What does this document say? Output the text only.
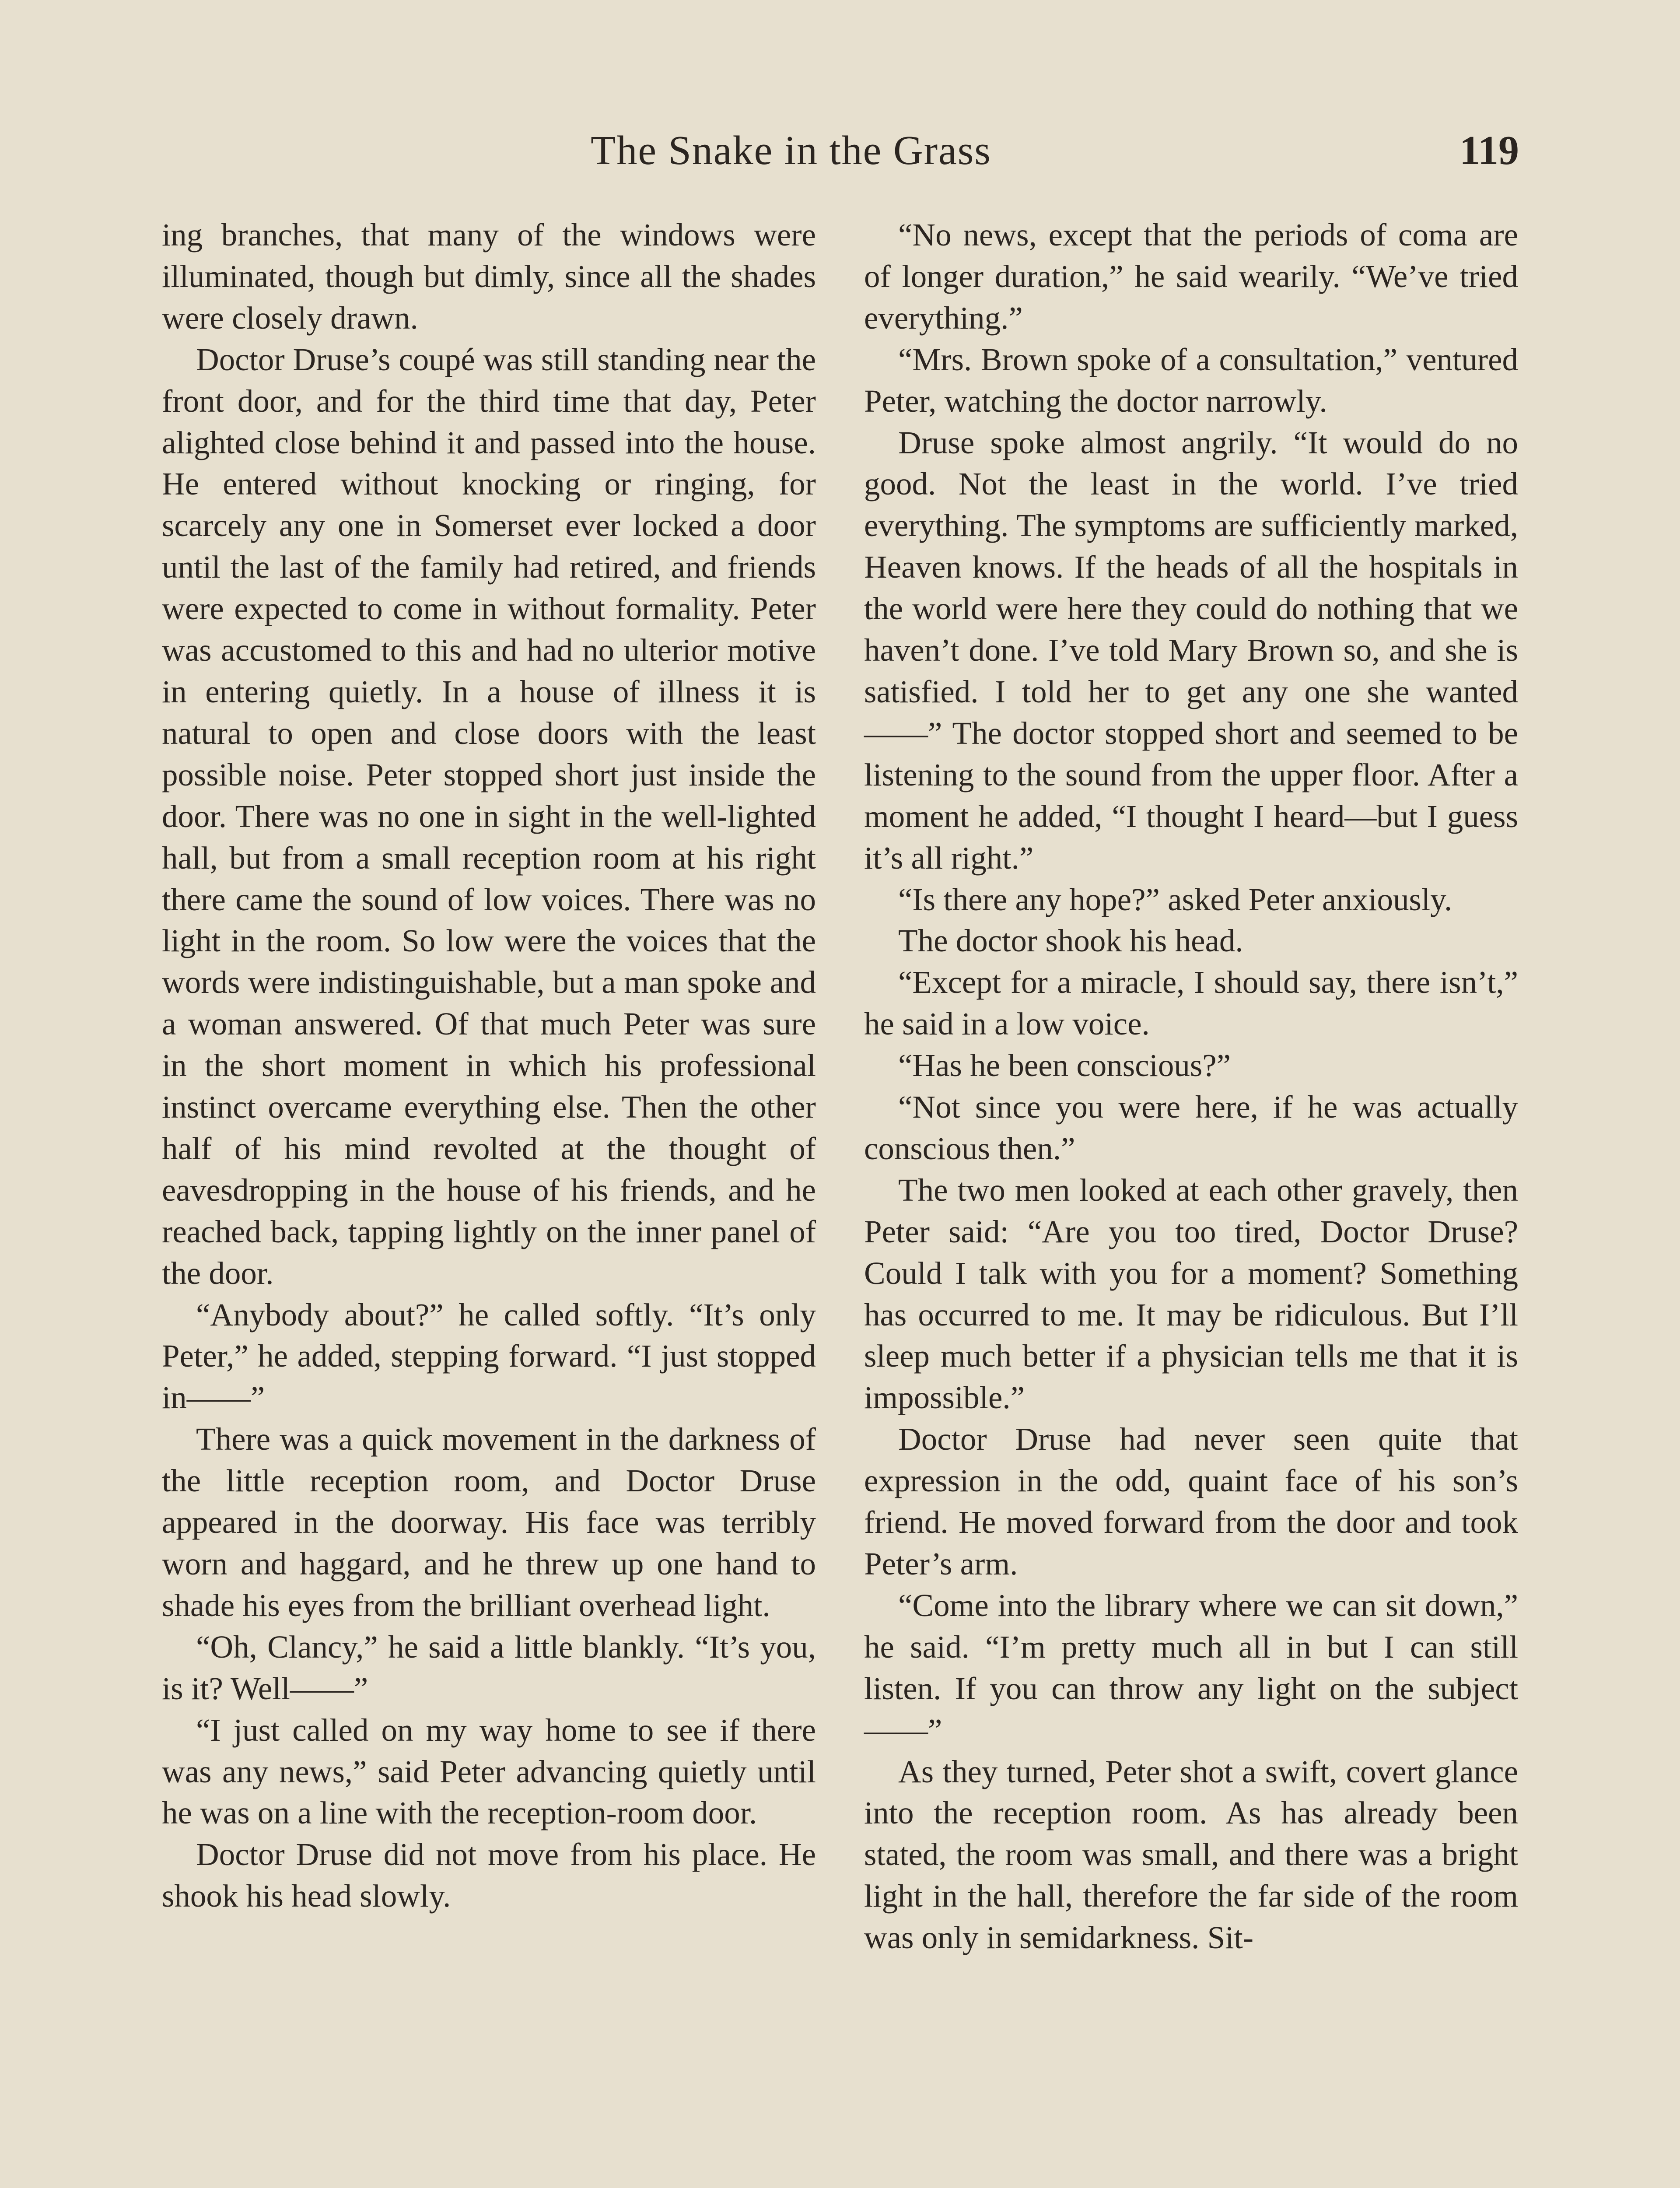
The Snake in the Grass	119

ing branches, that many of the windows were illuminated, though but dimly, since all the shades were closely drawn.

Doctor Druse’s coupé was still standing near the front door, and for the third time that day, Peter alighted close behind it and passed into the house. He entered without knocking or ringing, for scarcely any one in Somerset ever locked a door until the last of the family had retired, and friends were expected to come in without formality. Peter was accustomed to this and had no ulterior motive in entering quietly. In a house of illness it is natural to open and close doors with the least possible noise. Peter stopped short just inside the door. There was no one in sight in the well-lighted hall, but from a small reception room at his right there came the sound of low voices. There was no light in the room. So low were the voices that the words were indistinguishable, but a man spoke and a woman answered. Of that much Peter was sure in the short moment in which his professional instinct overcame everything else. Then the other half of his mind revolted at the thought of eavesdropping in the house of his friends, and he reached back, tapping lightly on the inner panel of the door.

“Anybody about?” he called softly. “It’s only Peter,” he added, stepping forward. “I just stopped in——”

There was a quick movement in the darkness of the little reception room, and Doctor Druse appeared in the doorway. His face was terribly worn and haggard, and he threw up one hand to shade his eyes from the brilliant overhead light.

“Oh, Clancy,” he said a little blankly. “It’s you, is it? Well——”

“I just called on my way home to see if there was any news,” said Peter advancing quietly until he was on a line with the reception-room door.

Doctor Druse did not move from his place. He shook his head slowly.

“No news, except that the periods of coma are of longer duration,” he said wearily. “We’ve tried everything.”

“Mrs. Brown spoke of a consultation,” ventured Peter, watching the doctor narrowly.

Druse spoke almost angrily. “It would do no good. Not the least in the world. I’ve tried everything. The symptoms are sufficiently marked, Heaven knows. If the heads of all the hospitals in the world were here they could do nothing that we haven’t done. I’ve told Mary Brown so, and she is satisfied. I told her to get any one she wanted——” The doctor stopped short and seemed to be listening to the sound from the upper floor. After a moment he added, “I thought I heard—but I guess it’s all right.”

“Is there any hope?” asked Peter anxiously.

The doctor shook his head.

“Except for a miracle, I should say, there isn’t,” he said in a low voice.

“Has he been conscious?”

“Not since you were here, if he was actually conscious then.”

The two men looked at each other gravely, then Peter said: “Are you too tired, Doctor Druse? Could I talk with you for a moment? Something has occurred to me. It may be ridiculous. But I’ll sleep much better if a physician tells me that it is impossible.”

Doctor Druse had never seen quite that expression in the odd, quaint face of his son’s friend. He moved forward from the door and took Peter’s arm.

“Come into the library where we can sit down,” he said. “I’m pretty much all in but I can still listen. If you can throw any light on the subject——”

As they turned, Peter shot a swift, covert glance into the reception room. As has already been stated, the room was small, and there was a bright light in the hall, therefore the far side of the room was only in semidarkness. Sit-
